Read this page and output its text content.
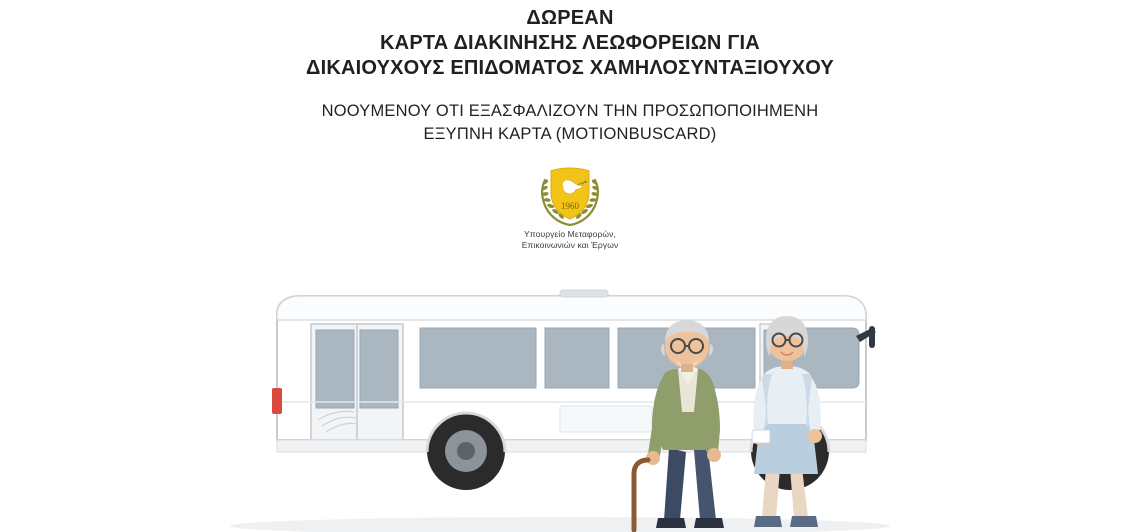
ΔΩΡΕΑΝ
ΚΑΡΤΑ ΔΙΑΚΙΝΗΣΗΣ ΛΕΩΦΟΡΕΙΩΝ ΓΙΑ
ΔΙΚΑΙΟΥΧΟΥΣ ΕΠΙΔΟΜΑΤΟΣ ΧΑΜΗΛΟΣΥΝΤΑΞΙΟΥΧΟΥ
ΝΟΟΥΜΕΝΟΥ ΟΤΙ ΕΞΑΣΦΑΛΙΖΟΥΝ ΤΗΝ ΠΡΟΣΩΠΟΠΟΙΗΜΕΝΗ
ΕΞΥΠΝΗ ΚΑΡΤΑ (MOTIONBUSCARD)
1960
Υπουργείο Μεταφορών,
Επικοινωνιών και Έργων
